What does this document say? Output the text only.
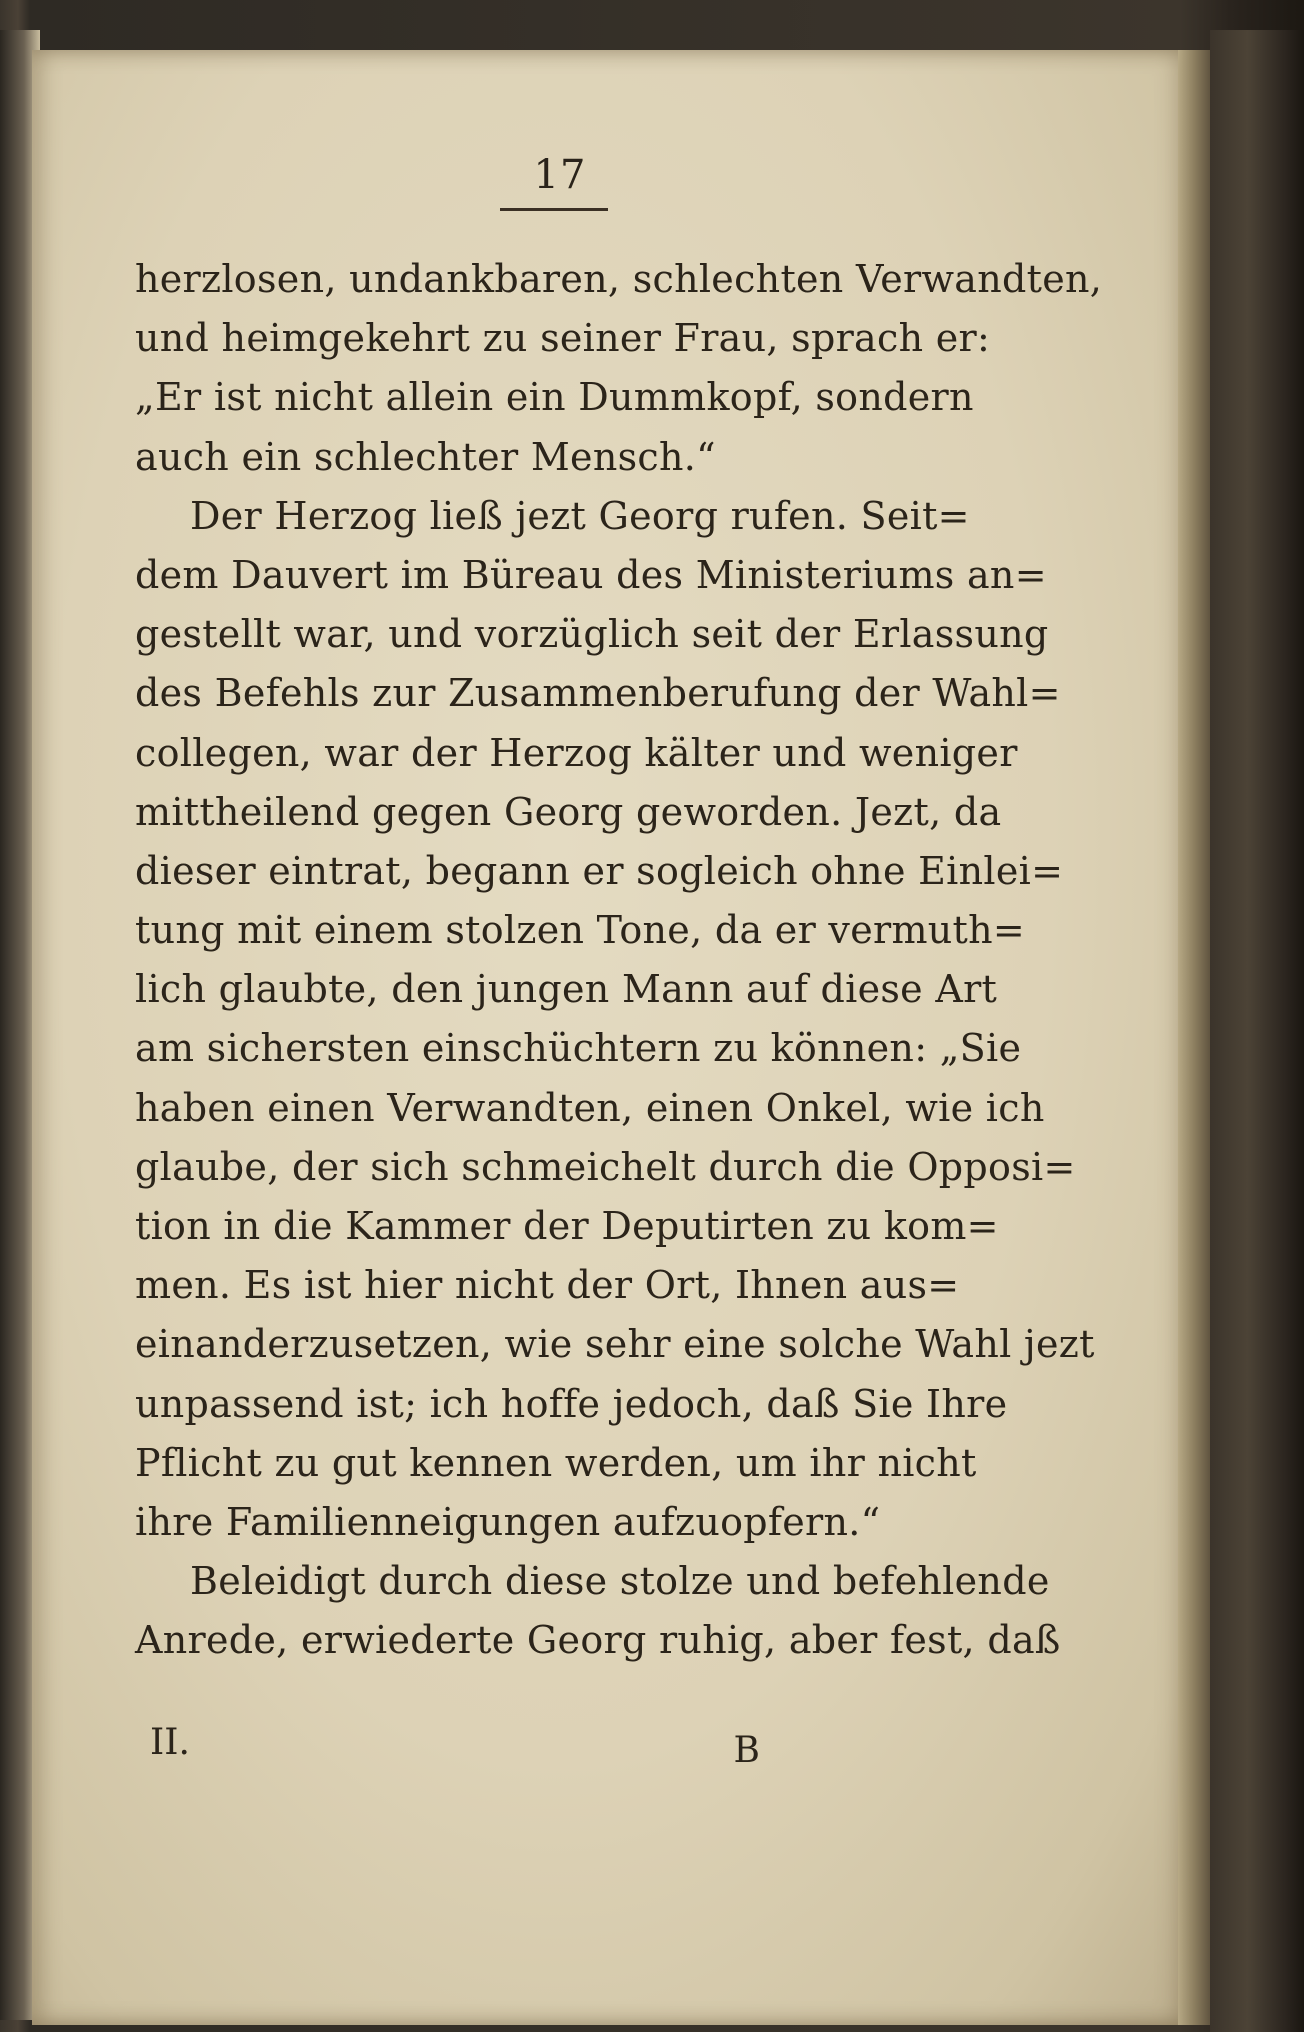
17
herzlosen, undankbaren, schlechten Verwandten,
und heimgekehrt zu seiner Frau, sprach er:
„Er ist nicht allein ein Dummkopf, sondern
auch ein schlechter Mensch.“
Der Herzog ließ jezt Georg rufen. Seit=
dem Dauvert im Büreau des Ministeriums an=
gestellt war, und vorzüglich seit der Erlassung
des Befehls zur Zusammenberufung der Wahl=
collegen, war der Herzog kälter und weniger
mittheilend gegen Georg geworden. Jezt, da
dieser eintrat, begann er sogleich ohne Einlei=
tung mit einem stolzen Tone, da er vermuth=
lich glaubte, den jungen Mann auf diese Art
am sichersten einschüchtern zu können: „Sie
haben einen Verwandten, einen Onkel, wie ich
glaube, der sich schmeichelt durch die Opposi=
tion in die Kammer der Deputirten zu kom=
men. Es ist hier nicht der Ort, Ihnen aus=
einanderzusetzen, wie sehr eine solche Wahl jezt
unpassend ist; ich hoffe jedoch, daß Sie Ihre
Pflicht zu gut kennen werden, um ihr nicht
ihre Familienneigungen aufzuopfern.“
Beleidigt durch diese stolze und befehlende
Anrede, erwiederte Georg ruhig, aber fest, daß
II.	B
